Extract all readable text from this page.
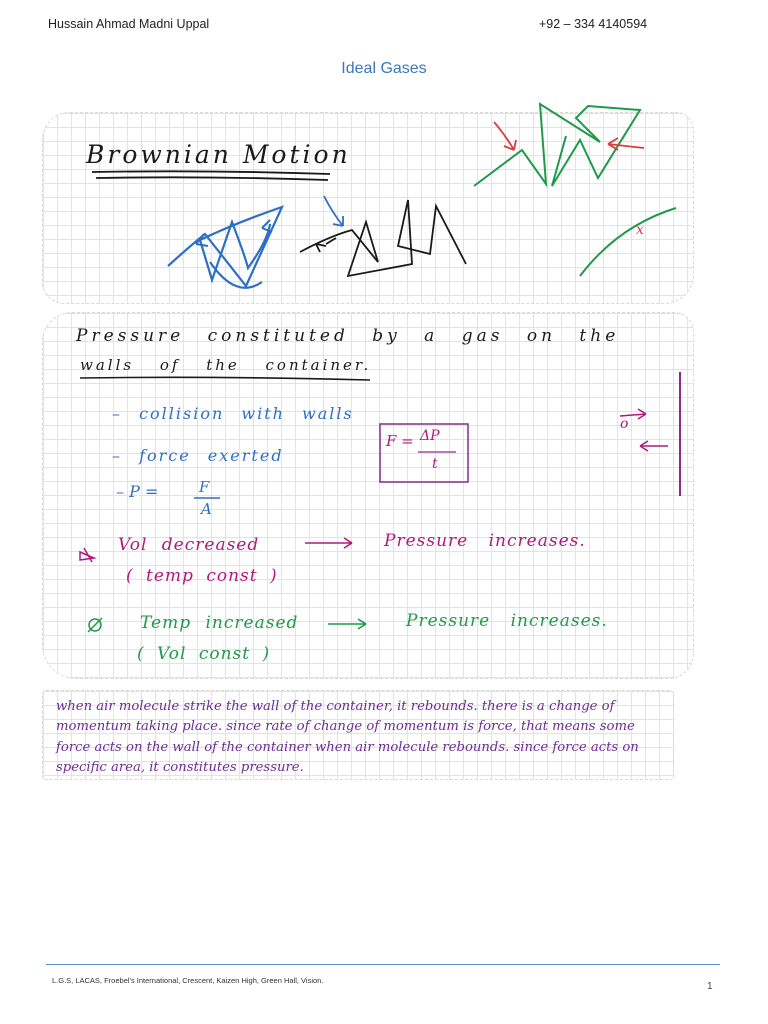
Hussain Ahmad Madni Uppal	+92 – 334 4140594
Ideal Gases
Brownian Motion
Pressure constituted by a gas on the
walls of the container.
– collision with walls
– force exerted
– P =	F
A
F = ΔP
t
o
Vol decreased
( temp const )
Pressure increases.
Temp increased
( Vol const )
Pressure increases.
x
when air molecule strike the wall of the container, it rebounds. there is a change of
momentum taking place. since rate of change of momentum is force, that means some
force acts on the wall of the container when air molecule rebounds. since force acts on
specific area, it constitutes pressure.
L.G.S, LACAS, Froebel's International, Crescent, Kaizen High, Green Hall, Vision.
1
